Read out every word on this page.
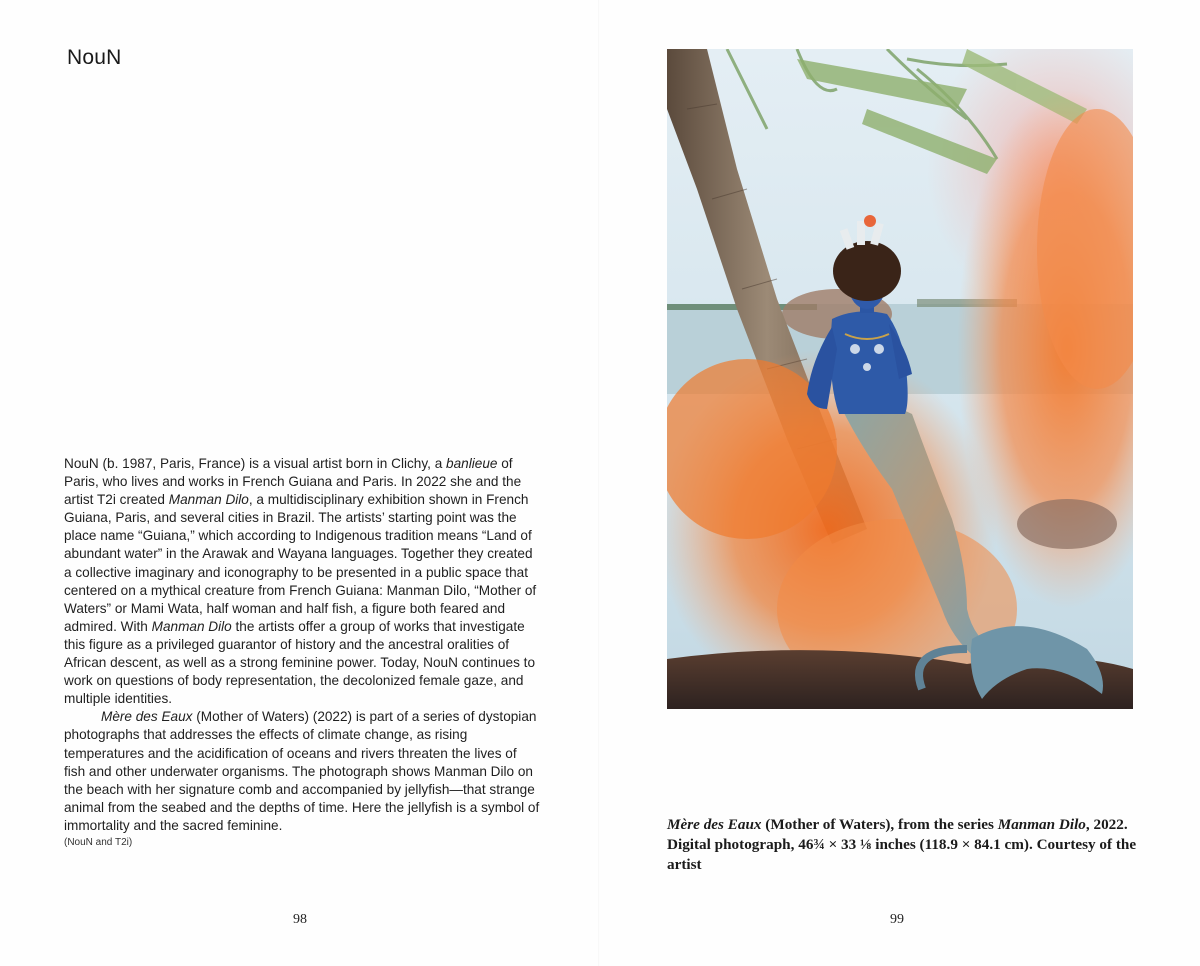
NouN

NouN (b. 1987, Paris, France) is a visual artist born in Clichy, a banlieue of Paris, who lives and works in French Guiana and Paris. In 2022 she and the artist T2i created Manman Dilo, a multidisciplinary exhibition shown in French Guiana, Paris, and several cities in Brazil. The artists’ starting point was the place name “Guiana,” which according to Indigenous tradition means “Land of abundant water” in the Arawak and Wayana languages. Together they created a collective imaginary and iconography to be presented in a public space that centered on a mythical creature from French Guiana: Manman Dilo, “Mother of Waters” or Mami Wata, half woman and half fish, a figure both feared and admired. With Manman Dilo the artists offer a group of works that investigate this figure as a privileged guarantor of history and the ancestral oralities of African descent, as well as a strong feminine power. Today, NouN continues to work on questions of body representation, the decolonized female gaze, and multiple identities.

Mère des Eaux (Mother of Waters) (2022) is part of a series of dystopian photographs that addresses the effects of climate change, as rising temperatures and the acidification of oceans and rivers threaten the lives of fish and other underwater organisms. The photograph shows Manman Dilo on the beach with her signature comb and accompanied by jellyfish—that strange animal from the seabed and the depths of time. Here the jellyfish is a symbol of immortality and the sacred feminine.

(NouN and T2i)
98
Mère des Eaux (Mother of Waters), from the series Manman Dilo, 2022. Digital photograph, 46¾ × 33 ⅛ inches (118.9 × 84.1 cm). Courtesy of the artist
99
